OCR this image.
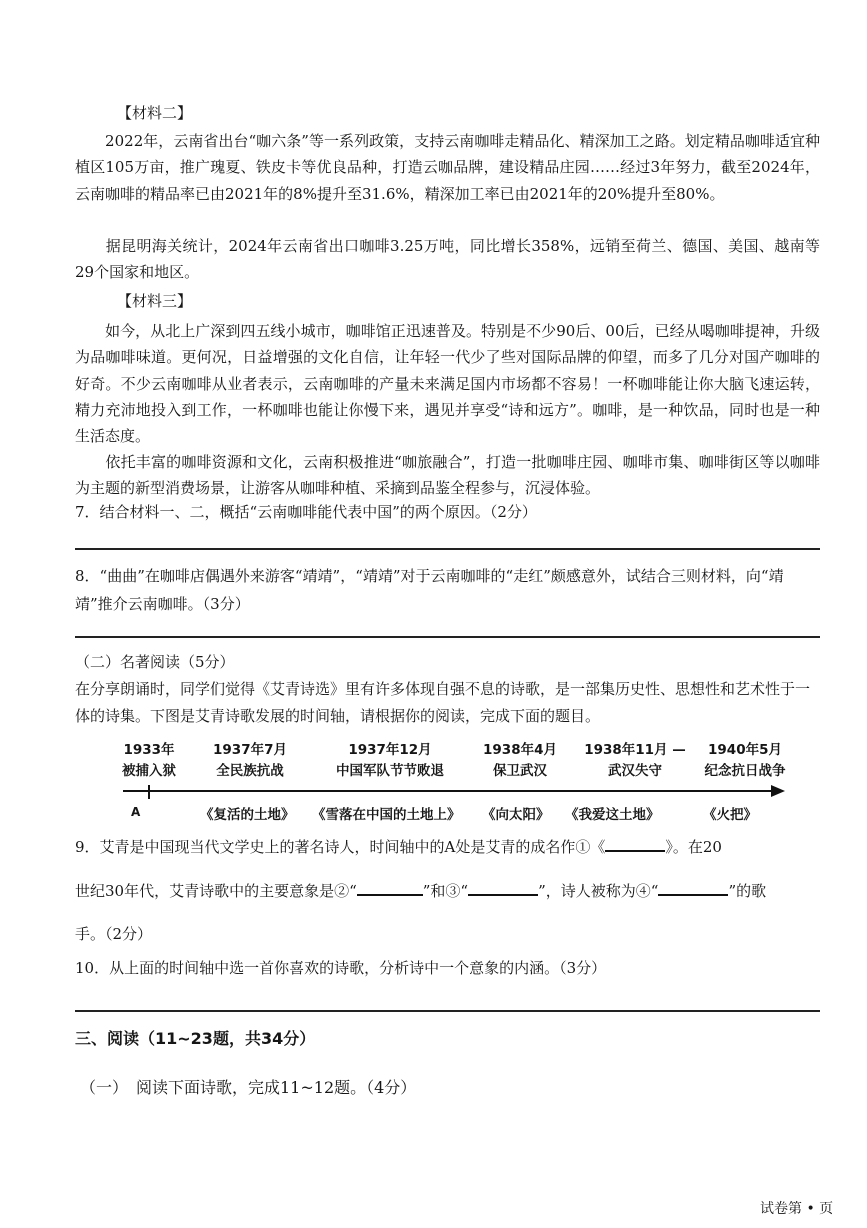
【材料二】
　　2022年，云南省出台“咖六条”等一系列政策，支持云南咖啡走精品化、精深加工之路。划定精品咖啡适宜种植区105万亩，推广瑰夏、铁皮卡等优良品种，打造云咖品牌，建设精品庄园……经过3年努力，截至2024年，云南咖啡的精品率已由2021年的8%提升至31.6%，精深加工率已由2021年的20%提升至80%。
　　据昆明海关统计，2024年云南省出口咖啡3.25万吨，同比增长358%，远销至荷兰、德国、美国、越南等29个国家和地区。
【材料三】
　　如今，从北上广深到四五线小城市，咖啡馆正迅速普及。特别是不少90后、00后，已经从喝咖啡提神，升级为品咖啡味道。更何况，日益增强的文化自信，让年轻一代少了些对国际品牌的仰望，而多了几分对国产咖啡的好奇。不少云南咖啡从业者表示，云南咖啡的产量未来满足国内市场都不容易！一杯咖啡能让你大脑飞速运转，精力充沛地投入到工作，一杯咖啡也能让你慢下来，遇见并享受“诗和远方”。咖啡，是一种饮品，同时也是一种生活态度。
　　依托丰富的咖啡资源和文化，云南积极推进“咖旅融合”，打造一批咖啡庄园、咖啡市集、咖啡街区等以咖啡为主题的新型消费场景，让游客从咖啡种植、采摘到品鉴全程参与，沉浸体验。
7．结合材料一、二，概括“云南咖啡能代表中国”的两个原因。（2分）
8．“曲曲”在咖啡店偶遇外来游客“靖靖”，“靖靖”对于云南咖啡的“走红”颇感意外，试结合三则材料，向“靖靖”推介云南咖啡。（3分）
（二）名著阅读（5分）
在分享朗诵时，同学们觉得《艾青诗选》里有许多体现自强不息的诗歌，是一部集历史性、思想性和艺术性于一体的诗集。下图是艾青诗歌发展的时间轴，请根据你的阅读，完成下面的题目。
1933年
被捕入狱
1937年7月
全民族抗战
1937年12月
中国军队节节败退
1938年4月
保卫武汉
1938年11月 —
武汉失守
1940年5月
纪念抗日战争
A	《复活的土地》 《雪落在中国的土地上》 《向太阳》 《我爱这土地》	《火把》
9．艾青是中国现当代文学史上的著名诗人，时间轴中的A处是艾青的成名作①《	》。在20
世纪30年代，艾青诗歌中的主要意象是②“	”和③“	”，诗人被称为④“	”的歌
手。（2分）
10．从上面的时间轴中选一首你喜欢的诗歌，分析诗中一个意象的内涵。（3分）
三、阅读（11~23题，共34分）
（一）　阅读下面诗歌，完成11~12题。（4分）
试卷第 • 页
